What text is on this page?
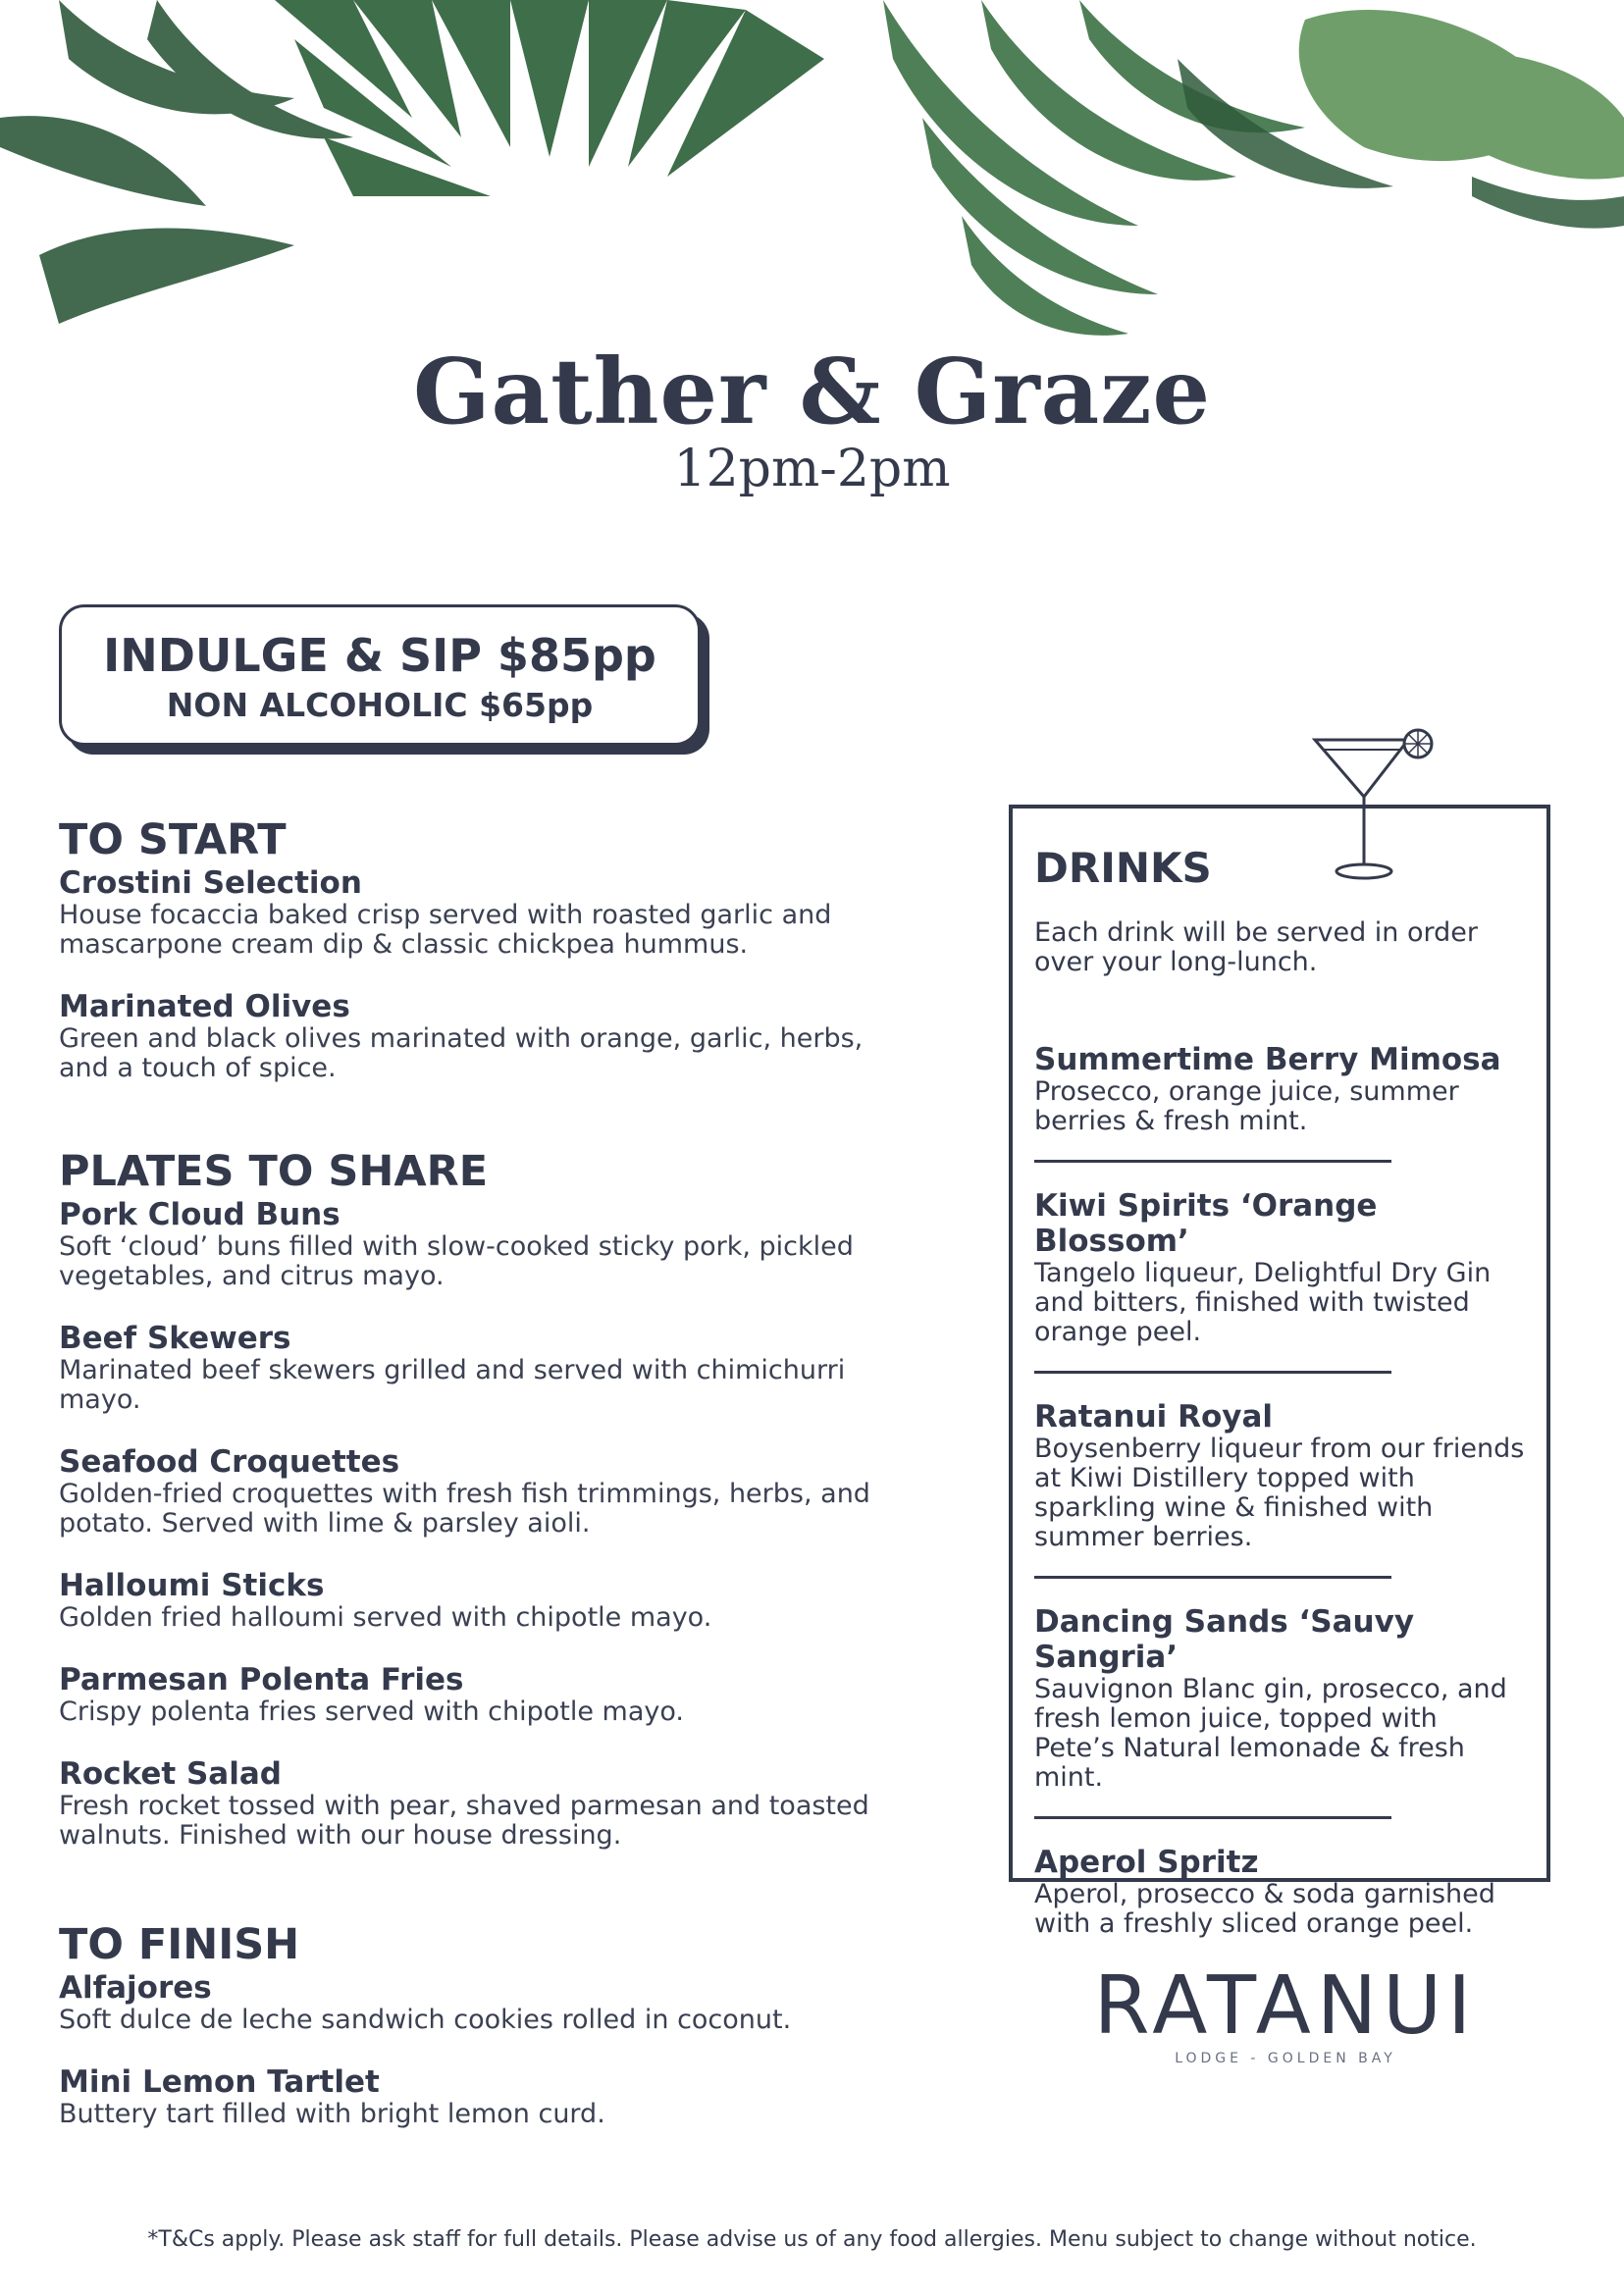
Gather & Graze
12pm-2pm
INDULGE & SIP $85pp
NON ALCOHOLIC $65pp

TO START

Crostini Selection

House focaccia baked crisp served with roasted garlic and mascarpone cream dip & classic chickpea hummus.

Marinated Olives

Green and black olives marinated with orange, garlic, herbs, and a touch of spice.

PLATES TO SHARE

Pork Cloud Buns

Soft ‘cloud’ buns filled with slow-cooked sticky pork, pickled vegetables, and citrus mayo.

Beef Skewers

Marinated beef skewers grilled and served with chimichurri mayo.

Seafood Croquettes

Golden-fried croquettes with fresh fish trimmings, herbs, and potato. Served with lime & parsley aioli.

Halloumi Sticks

Golden fried halloumi served with chipotle mayo.

Parmesan Polenta Fries

Crispy polenta fries served with chipotle mayo.

Rocket Salad

Fresh rocket tossed with pear, shaved parmesan and toasted walnuts. Finished with our house dressing.

TO FINISH

Alfajores

Soft dulce de leche sandwich cookies rolled in coconut.

Mini Lemon Tartlet

Buttery tart filled with bright lemon curd.

DRINKS

Each drink will be served in order over your long-lunch.

Summertime Berry Mimosa

Prosecco, orange juice, summer berries & fresh mint.

Kiwi Spirits ‘Orange Blossom’

Tangelo liqueur, Delightful Dry Gin and bitters, finished with twisted orange peel.

Ratanui Royal

Boysenberry liqueur from our friends at Kiwi Distillery topped with sparkling wine & finished with summer berries.

Dancing Sands ‘Sauvy Sangria’

Sauvignon Blanc gin, prosecco, and fresh lemon juice, topped with Pete’s Natural lemonade & fresh mint.

Aperol Spritz

Aperol, prosecco & soda garnished with a freshly sliced orange peel.

RATANUI
LODGE - GOLDEN BAY
*T&Cs apply. Please ask staff for full details. Please advise us of any food allergies. Menu subject to change without notice.
